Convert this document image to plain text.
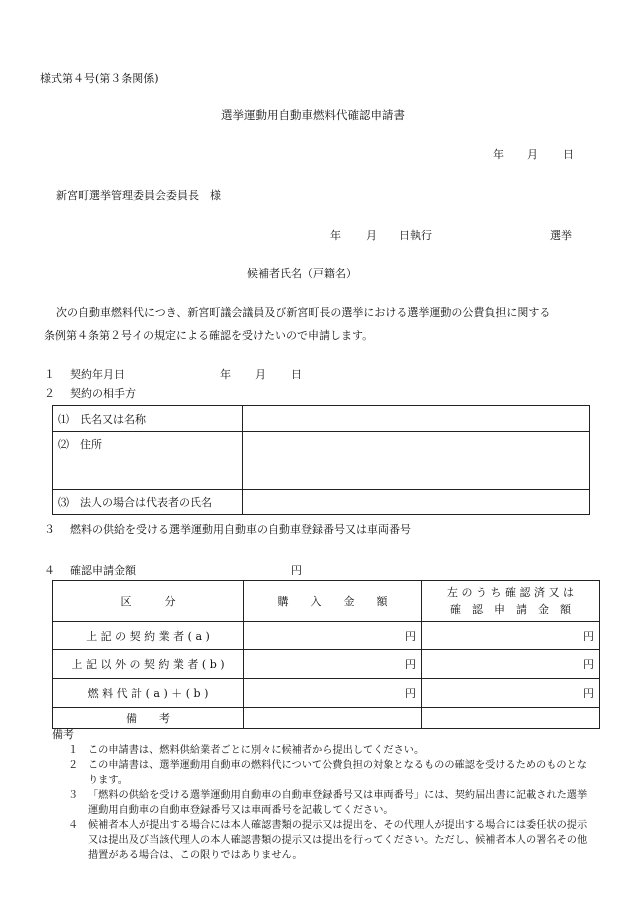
様式第４号(第３条関係)
選挙運動用自動車燃料代確認申請書
年 月 日
新宮町選挙管理委員会委員長　様
年 月 日執行	選挙
候補者氏名（戸籍名）
次の自動車燃料代につき、新宮町議会議員及び新宮町長の選挙における選挙運動の公費負担に関する
条例第４条第２号イの規定による確認を受けたいので申請します。
１ 契約年月日	年 月 日
２ 契約の相手方
⑴　氏名又は名称	
⑵　住所	
⑶　法人の場合は代表者の氏名	
３ 燃料の供給を受ける選挙運動用自動車の自動車登録番号又は車両番号
４ 確認申請金額	円
区　　　分	購　　入　　金　　額	左 の う ち 確 認 済 又 は
確　認　申　請　金　額

上 記 の 契 約 業 者 ( a )	円	円
上 記 以 外 の 契 約 業 者 ( b )	円	円
燃 料 代 計 ( a ) ＋ ( b )	円	円
備　　考		
備考
１ この申請書は、燃料供給業者ごとに別々に候補者から提出してください。
２ この申請書は、選挙運動用自動車の燃料代について公費負担の対象となるものの確認を受けるためのものとなります。
３ 「燃料の供給を受ける選挙運動用自動車の自動車登録番号又は車両番号」には、契約届出書に記載された選挙運動用自動車の自動車登録番号又は車両番号を記載してください。
４ 候補者本人が提出する場合には本人確認書類の提示又は提出を、その代理人が提出する場合には委任状の提示又は提出及び当該代理人の本人確認書類の提示又は提出を行ってください。ただし、候補者本人の署名その他措置がある場合は、この限りではありません。
